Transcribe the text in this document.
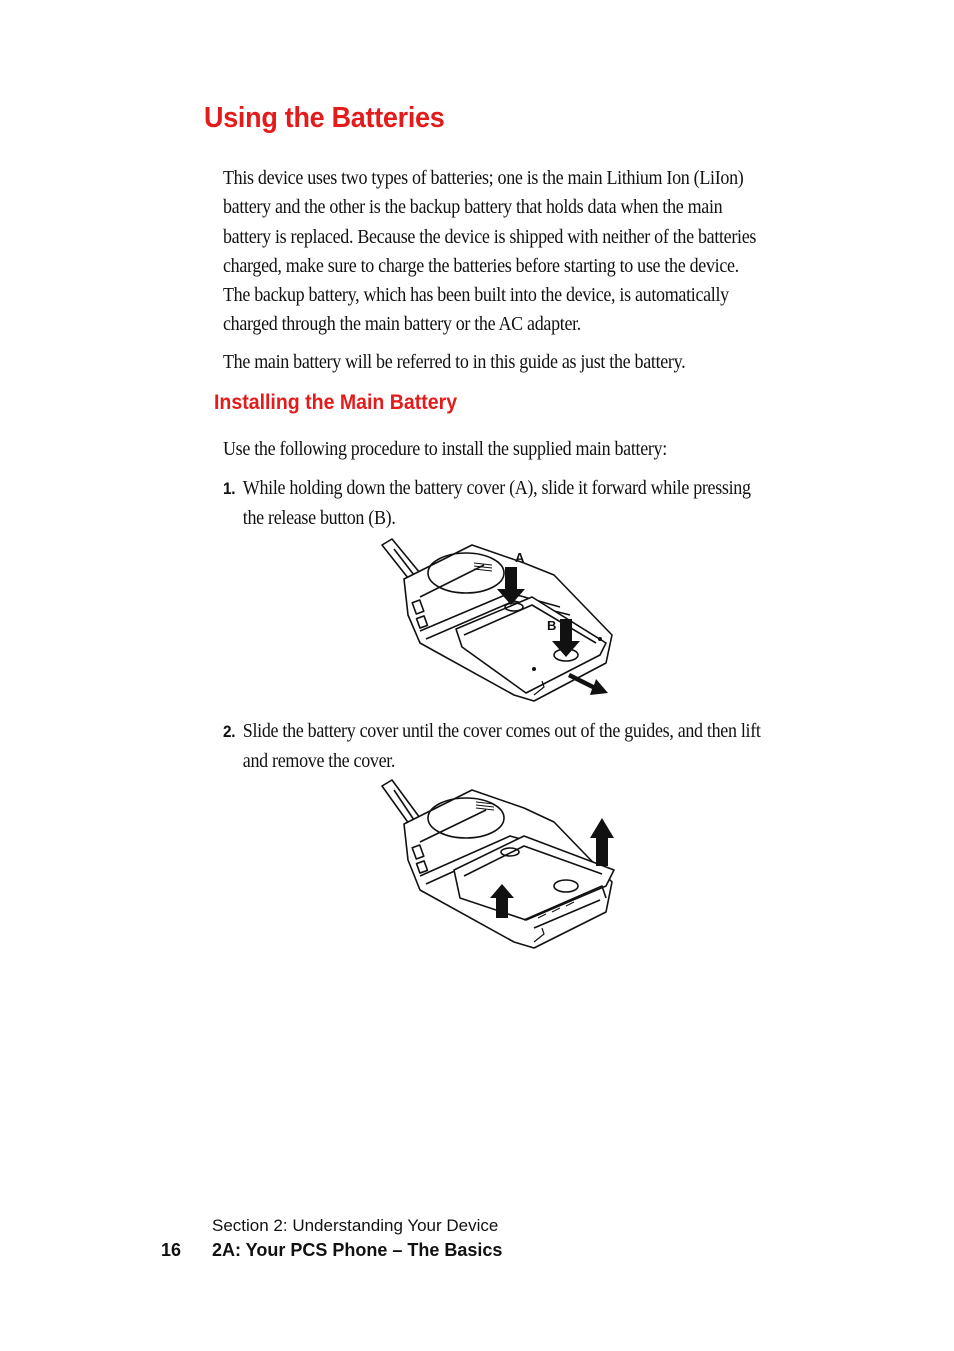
Using the Batteries

This device uses two types of batteries; one is the main Lithium Ion (LiIon) battery and the other is the backup battery that holds data when the main battery is replaced. Because the device is shipped with neither of the batteries charged, make sure to charge the batteries before starting to use the device. The backup battery, which has been built into the device, is automatically charged through the main battery or the AC adapter.

The main battery will be referred to in this guide as just the battery.

Installing the Main Battery

Use the following procedure to install the supplied main battery:

1. While holding down the battery cover (A), slide it forward while pressing the release button (B).
A
B
2. Slide the battery cover until the cover comes out of the guides, and then lift and remove the cover.
Section 2: Understanding Your Device
16 2A: Your PCS Phone – The Basics
